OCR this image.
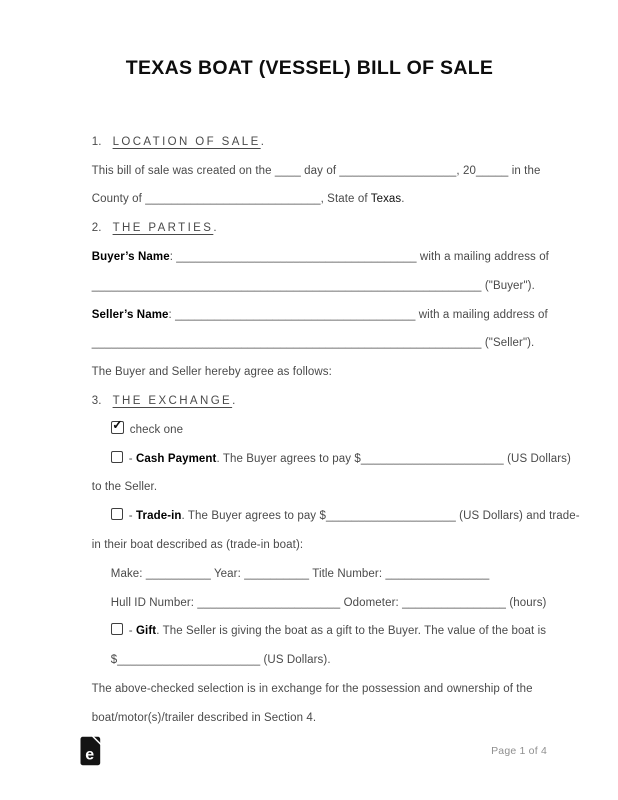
TEXAS BOAT (VESSEL) BILL OF SALE

1. LOCATION OF SALE.

This bill of sale was created on the ____ day of __________________, 20_____ in the

County of ___________________________, State of Texas.

2. THE PARTIES.

Buyer’s Name: _____________________________________ with a mailing address of

____________________________________________________________ ("Buyer").

Seller’s Name: _____________________________________ with a mailing address of

____________________________________________________________ ("Seller").

The Buyer and Seller hereby agree as follows:

3. THE EXCHANGE.

✓ check one

- Cash Payment. The Buyer agrees to pay $______________________ (US Dollars)

to the Seller.

- Trade-in. The Buyer agrees to pay $____________________ (US Dollars) and trade-

in their boat described as (trade-in boat):

Make: __________ Year: __________ Title Number: ________________

Hull ID Number: ______________________ Odometer: ________________ (hours)

- Gift. The Seller is giving the boat as a gift to the Buyer. The value of the boat is

$______________________ (US Dollars).

The above-checked selection is in exchange for the possession and ownership of the

boat/motor(s)/trailer described in Section 4.

e	Page 1 of 4
